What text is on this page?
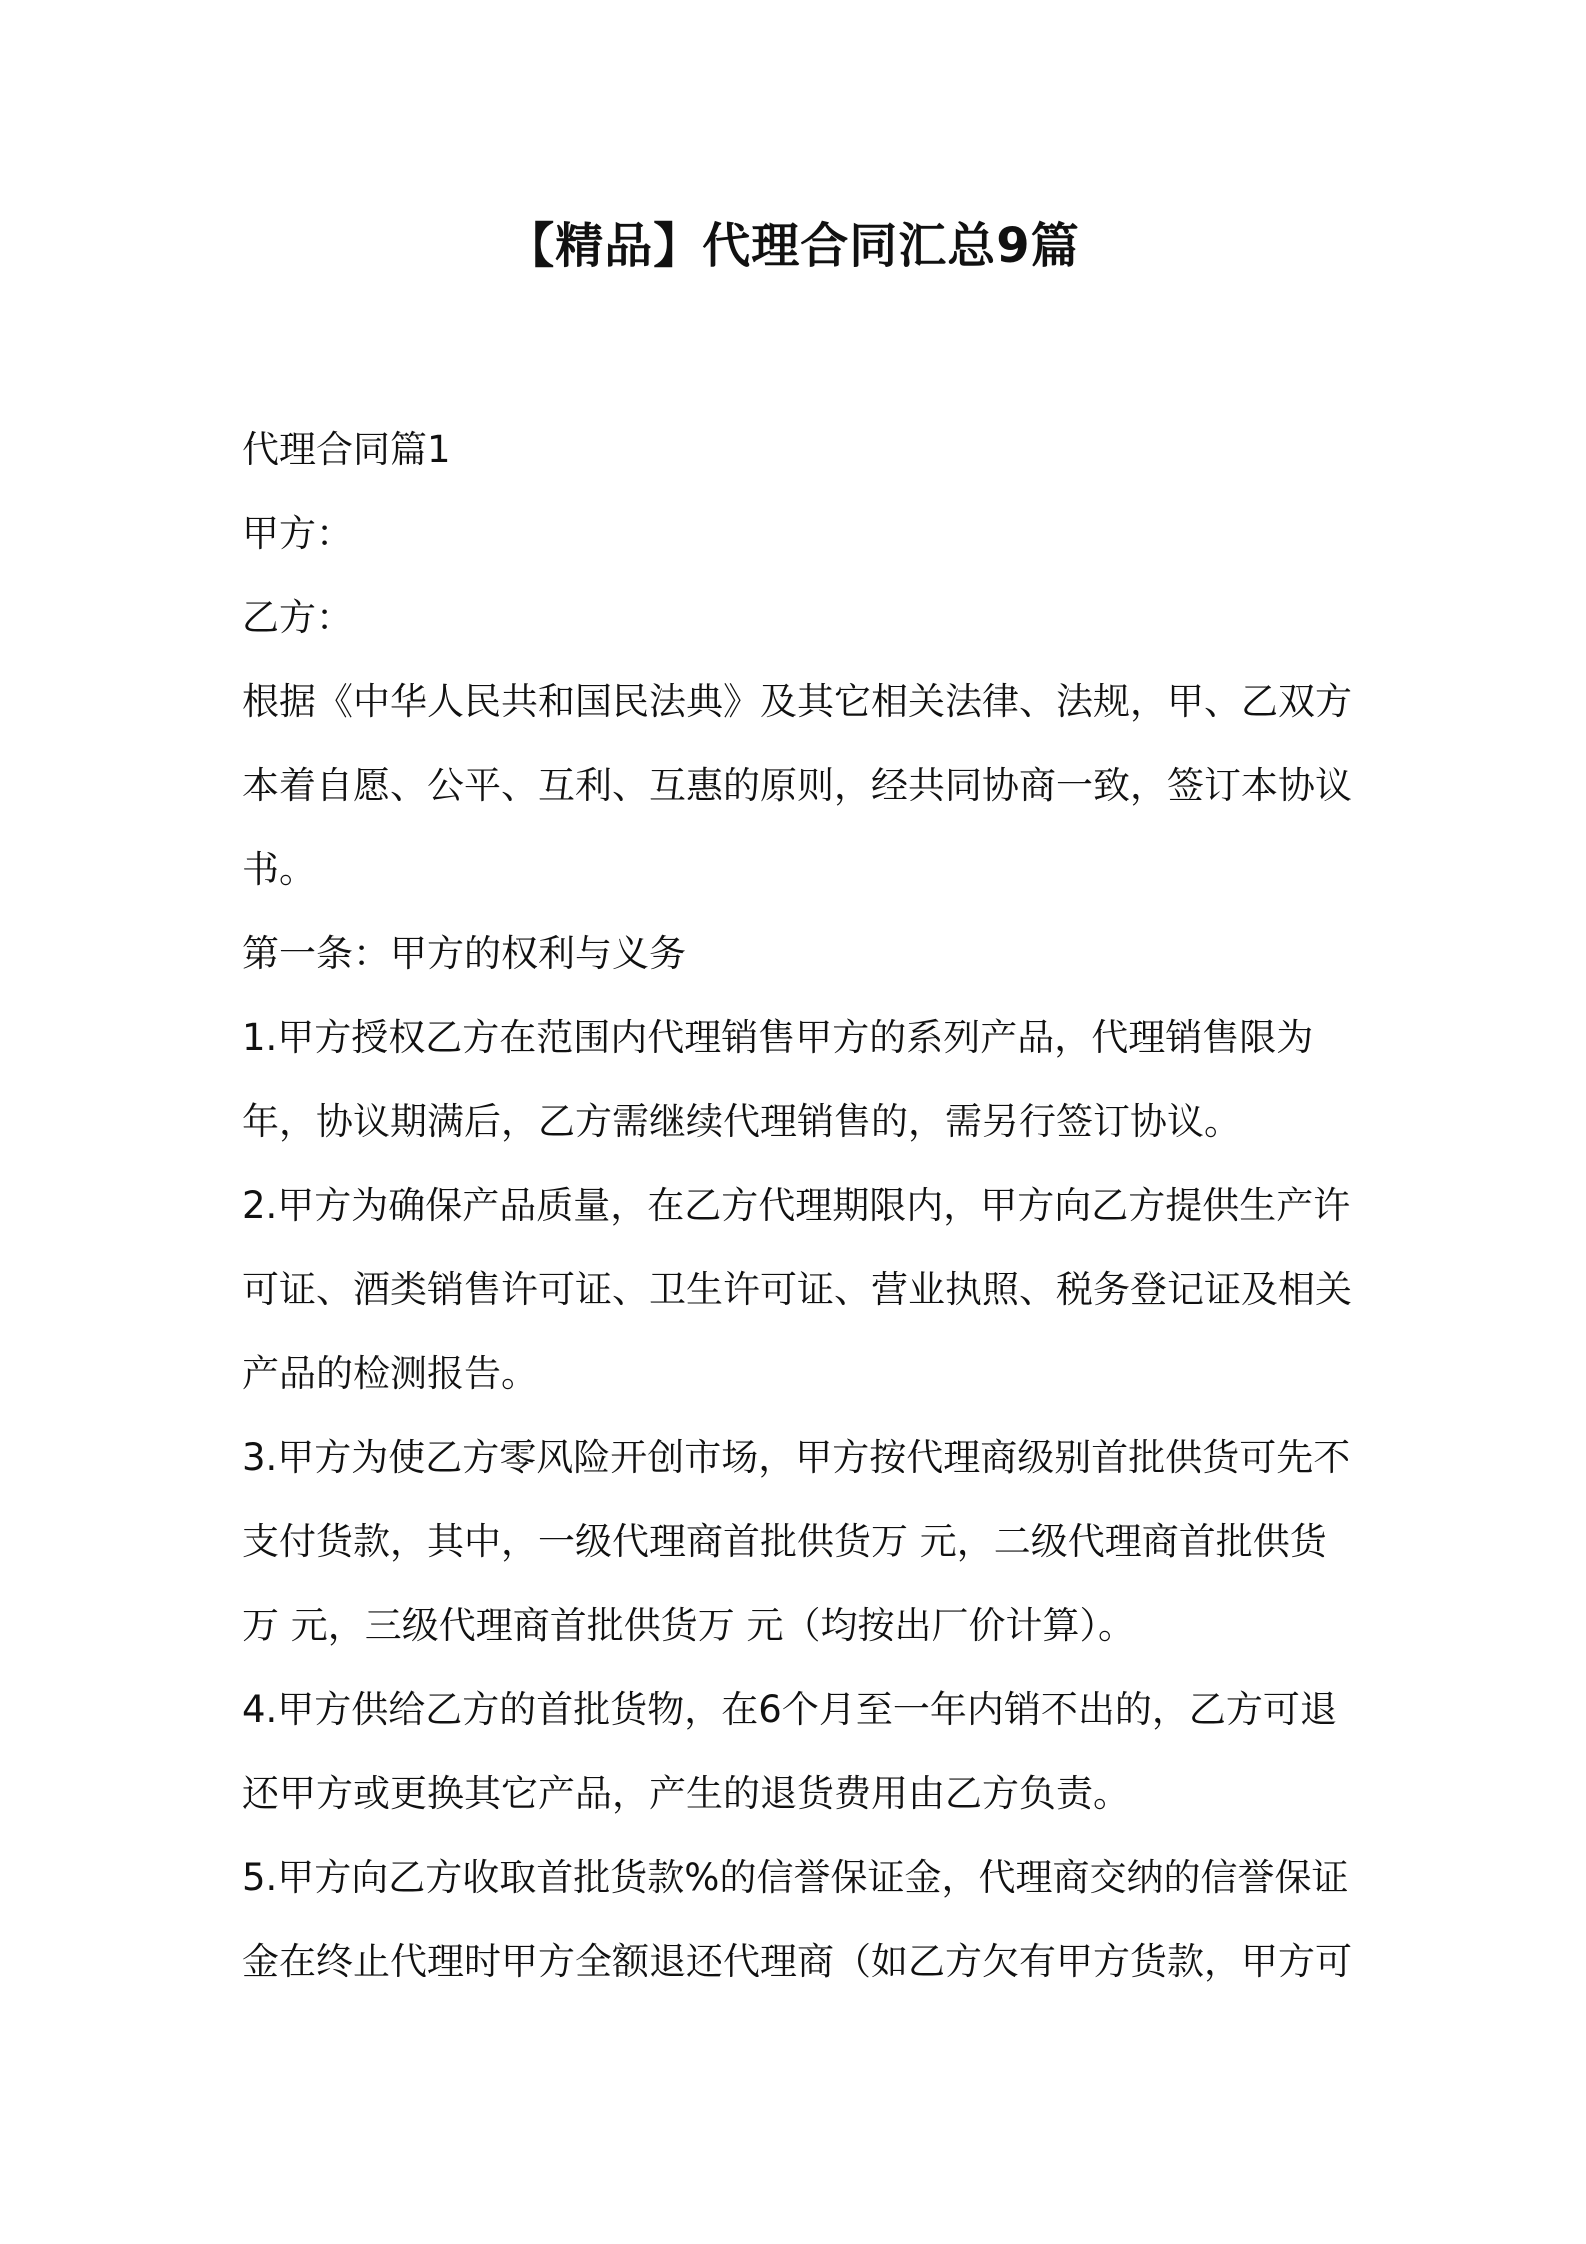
【精品】代理合同汇总9篇

代理合同篇1

甲方：

乙方：

根据《中华人民共和国民法典》及其它相关法律、法规，甲、乙双方本着自愿、公平、互利、互惠的原则，经共同协商一致，签订本协议书。

第一条：甲方的权利与义务

1.甲方授权乙方在范围内代理销售甲方的系列产品，代理销售限为年，协议期满后，乙方需继续代理销售的，需另行签订协议。

2.甲方为确保产品质量，在乙方代理期限内，甲方向乙方提供生产许可证、酒类销售许可证、卫生许可证、营业执照、税务登记证及相关产品的检测报告。

3.甲方为使乙方零风险开创市场，甲方按代理商级别首批供货可先不支付货款，其中，一级代理商首批供货万 元，二级代理商首批供货万 元，三级代理商首批供货万 元（均按出厂价计算）。

4.甲方供给乙方的首批货物，在6个月至一年内销不出的，乙方可退还甲方或更换其它产品，产生的退货费用由乙方负责。

5.甲方向乙方收取首批货款%的信誉保证金，代理商交纳的信誉保证金在终止代理时甲方全额退还代理商（如乙方欠有甲方货款，甲方可
